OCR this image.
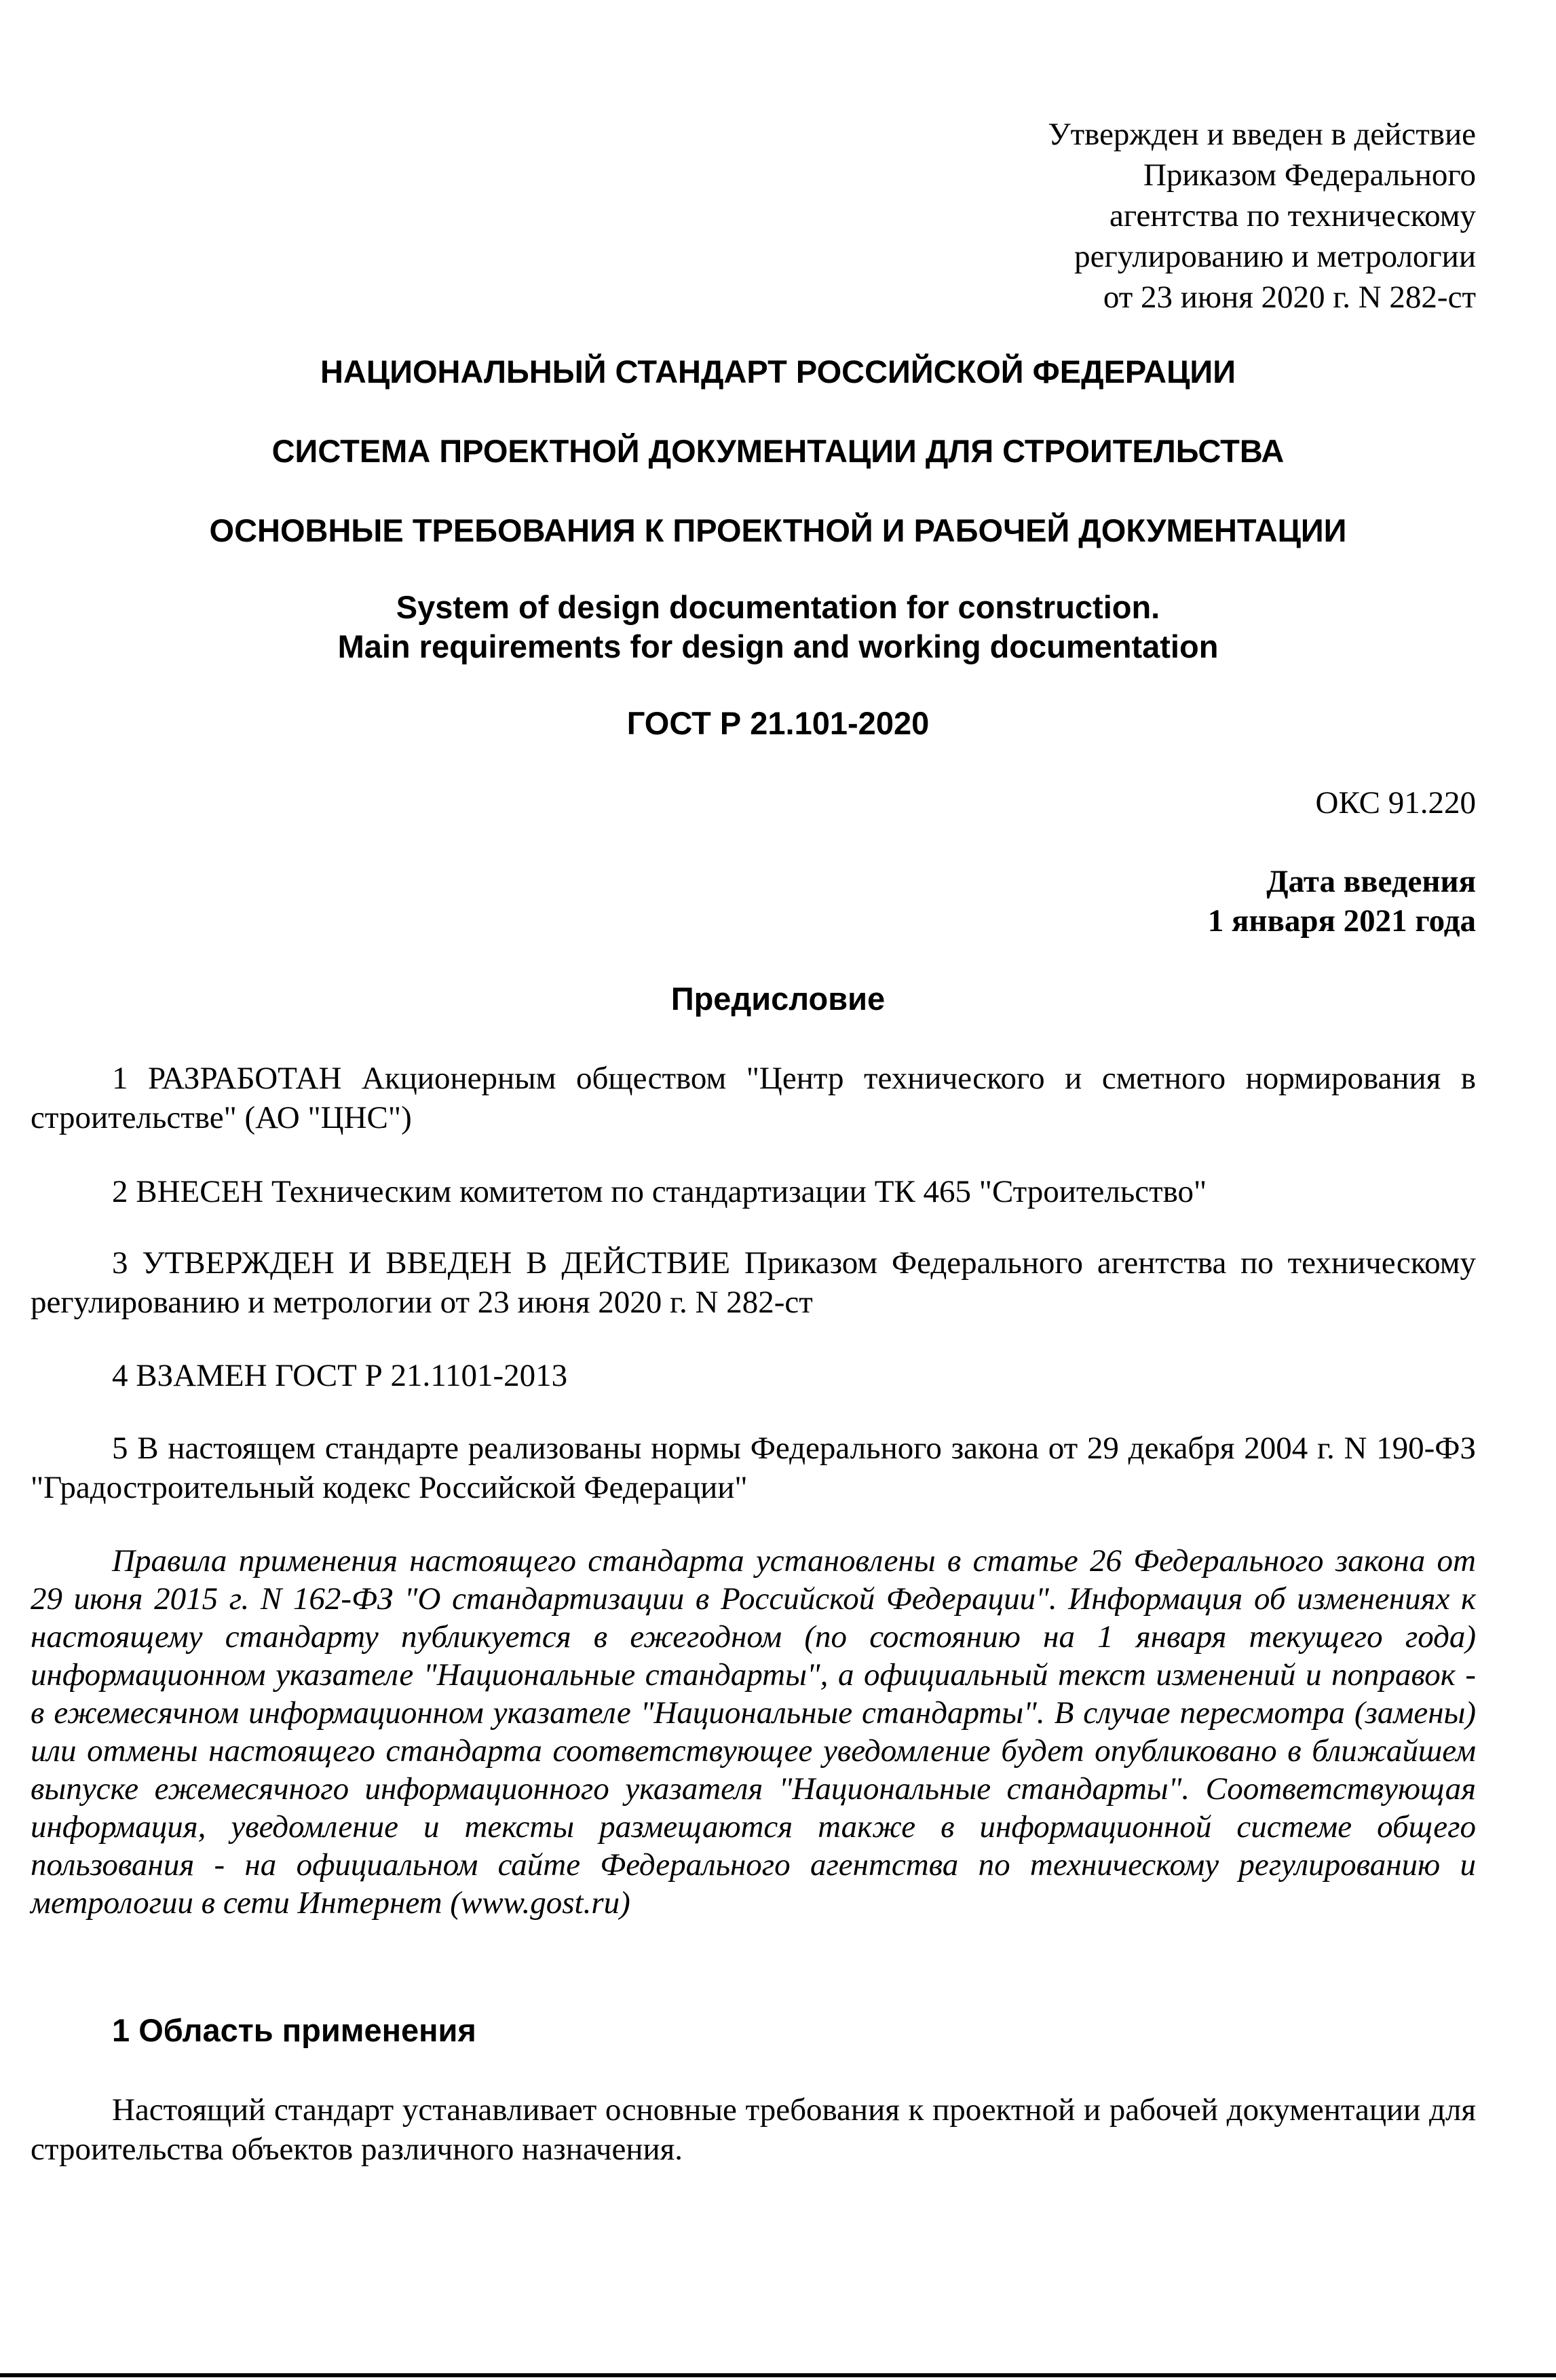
Утвержден и введен в действие
Приказом Федерального
агентства по техническому
регулированию и метрологии
от 23 июня 2020 г. N 282-ст
НАЦИОНАЛЬНЫЙ СТАНДАРТ РОССИЙСКОЙ ФЕДЕРАЦИИ
СИСТЕМА ПРОЕКТНОЙ ДОКУМЕНТАЦИИ ДЛЯ СТРОИТЕЛЬСТВА
ОСНОВНЫЕ ТРЕБОВАНИЯ К ПРОЕКТНОЙ И РАБОЧЕЙ ДОКУМЕНТАЦИИ
System of design documentation for construction.
Main requirements for design and working documentation
ГОСТ Р 21.101-2020
ОКС 91.220
Дата введения
1 января 2021 года
Предисловие
1 РАЗРАБОТАН Акционерным обществом "Центр технического и сметного нормирования в строительстве" (АО "ЦНС")
2 ВНЕСЕН Техническим комитетом по стандартизации ТК 465 "Строительство"
3 УТВЕРЖДЕН И ВВЕДЕН В ДЕЙСТВИЕ Приказом Федерального агентства по техническому регулированию и метрологии от 23 июня 2020 г. N 282-ст
4 ВЗАМЕН ГОСТ Р 21.1101-2013
5 В настоящем стандарте реализованы нормы Федерального закона от 29 декабря 2004 г. N 190-ФЗ "Градостроительный кодекс Российской Федерации"
Правила применения настоящего стандарта установлены в статье 26 Федерального закона от 29 июня 2015 г. N 162-ФЗ "О стандартизации в Российской Федерации". Информация об изменениях к настоящему стандарту публикуется в ежегодном (по состоянию на 1 января текущего года) информационном указателе "Национальные стандарты", а официальный текст изменений и поправок - в ежемесячном информационном указателе "Национальные стандарты". В случае пересмотра (замены) или отмены настоящего стандарта соответствующее уведомление будет опубликовано в ближайшем выпуске ежемесячного информационного указателя "Национальные стандарты". Соответствующая информация, уведомление и тексты размещаются также в информационной системе общего пользования - на официальном сайте Федерального агентства по техническому регулированию и метрологии в сети Интернет (www.gost.ru)
1 Область применения
Настоящий стандарт устанавливает основные требования к проектной и рабочей документации для строительства объектов различного назначения.
